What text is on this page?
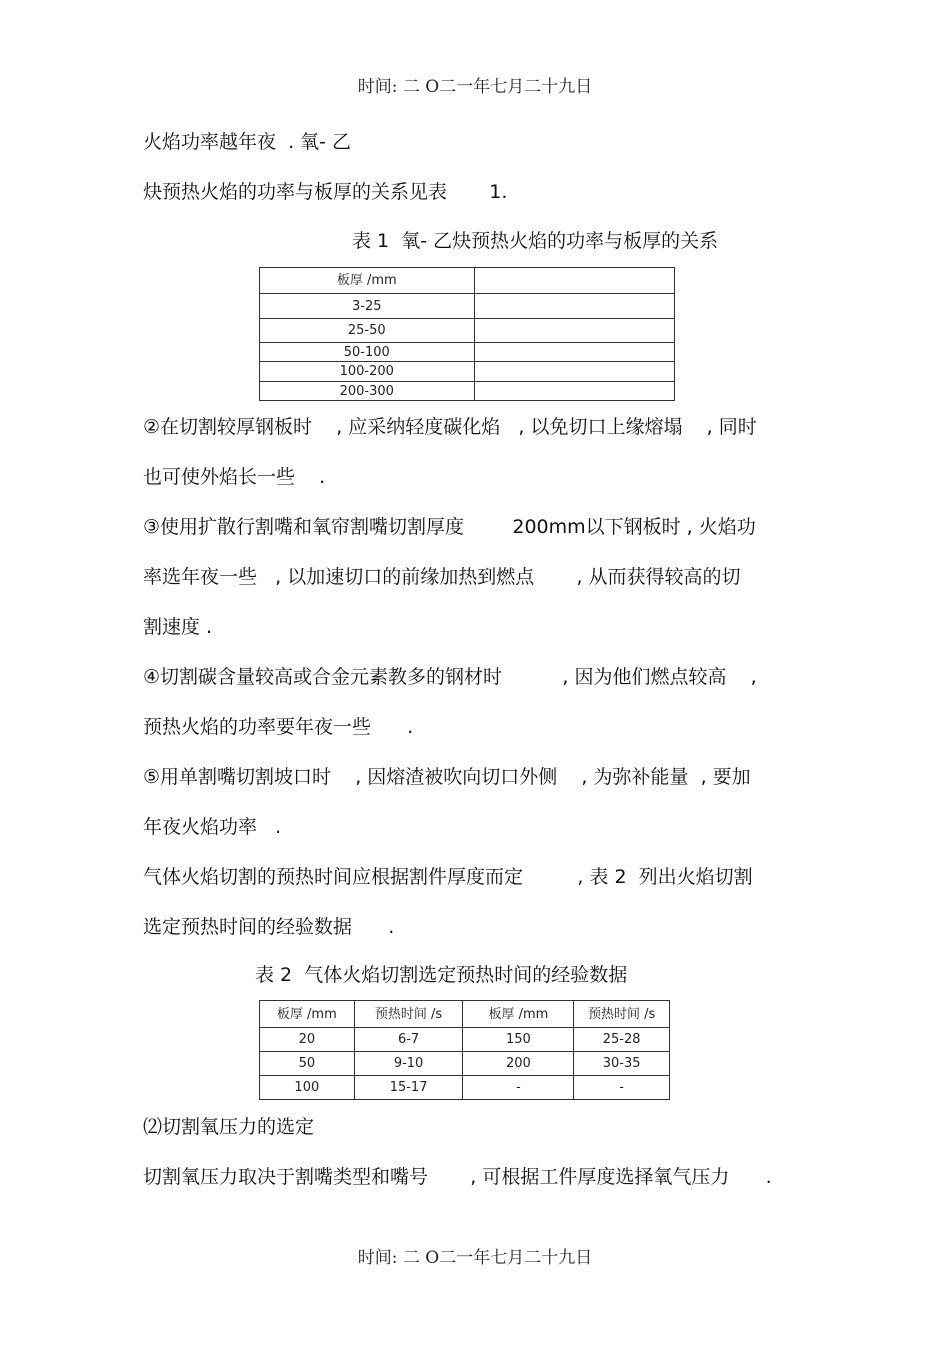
时间: 二 O二一年七月二十九日
火焰功率越年夜  . 氧- 乙
炔预热火焰的功率与板厚的关系见表       1.
表 1  氧- 乙炔预热火焰的功率与板厚的关系
板厚 /mm	
3-25	
25-50	
50-100	
100-200	
200-300	
②在切割较厚钢板时    , 应采纳轻度碳化焰   , 以免切口上缘熔塌    , 同时
也可使外焰长一些    .
③使用扩散行割嘴和氧帘割嘴切割厚度        200mm以下钢板时 , 火焰功
率选年夜一些   , 以加速切口的前缘加热到燃点       , 从而获得较高的切
割速度 .
④切割碳含量较高或合金元素教多的钢材时          , 因为他们燃点较高    ,
预热火焰的功率要年夜一些      .
⑤用单割嘴切割坡口时    , 因熔渣被吹向切口外侧    , 为弥补能量  , 要加
年夜火焰功率   .
气体火焰切割的预热时间应根据割件厚度而定         , 表 2  列出火焰切割
选定预热时间的经验数据      .
表 2  气体火焰切割选定预热时间的经验数据
板厚 /mm	预热时间 /s	板厚 /mm	预热时间 /s
20	6-7	150	25-28
50	9-10	200	30-35
100	15-17	-	-
⑵切割氧压力的选定
切割氧压力取决于割嘴类型和嘴号       , 可根据工件厚度选择氧气压力      .
时间: 二 O二一年七月二十九日
